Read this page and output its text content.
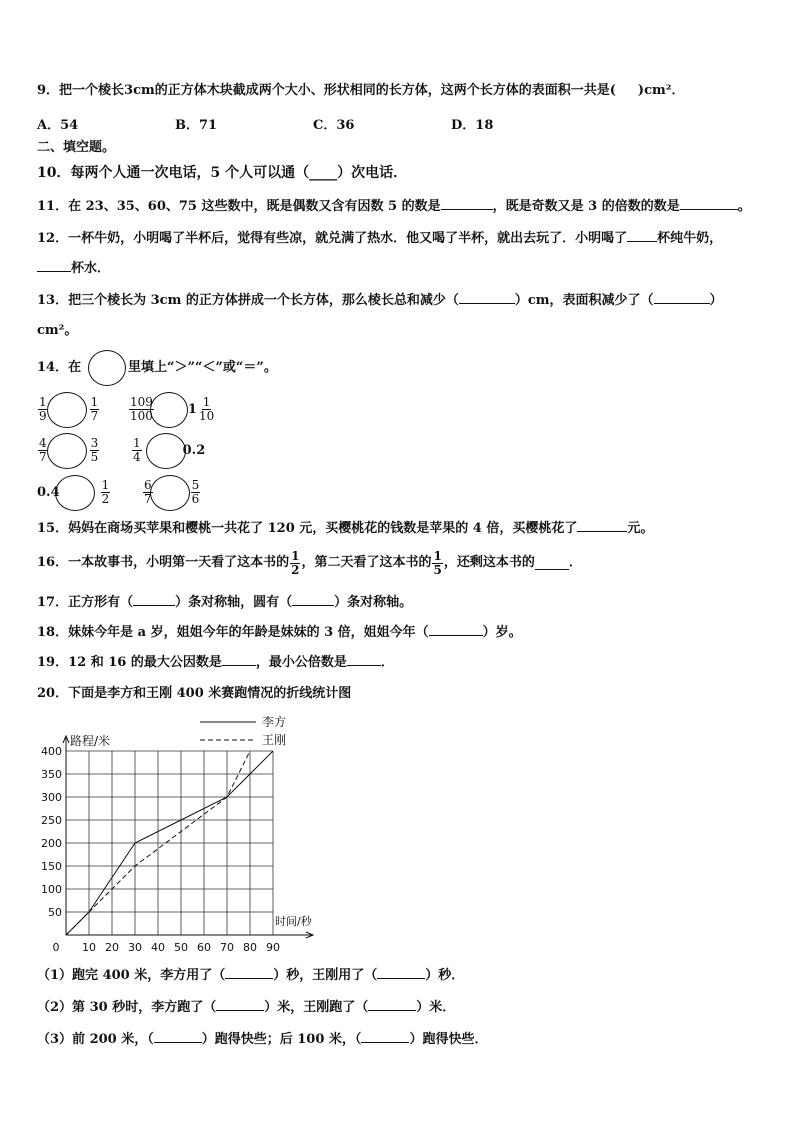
9．把一个棱长3cm的正方体木块截成两个大小、形状相同的长方体，这两个长方体的表面积一共是( )cm²．
A．54	B．71	C．36	D．18
二、填空题。
10．每两个人通一次电话，5 个人可以通（____）次电话．
11．在 23、35、60、75 这些数中，既是偶数又含有因数 5 的数是	，既是奇数又是 3 的倍数的数是	。
12．一杯牛奶，小明喝了半杯后，觉得有些凉，就兑满了热水．他又喝了半杯，就出去玩了．小明喝了 杯纯牛奶，
杯水．
13．把三个棱长为 3cm 的正方体拼成一个长方体，那么棱长总和减少（	）cm，表面积减少了（	）
cm²。
14．在	里填上“＞”“＜”或“＝”。
$\frac{1}{9}$	$\frac{1}{7} \frac{109}{100}$	$1 \frac{1}{10}$
$\frac{4}{7}$	$\frac{3}{5}$	$\frac{1}{4}$	0.2
0.4	$\frac{1}{2}$	$\frac{6}{7}$	$\frac{5}{6}$
15．妈妈在商场买苹果和樱桃一共花了 120 元，买樱桃花的钱数是苹果的 4 倍，买樱桃花了	元。
16．一本故事书，小明第一天看了这本书的 $\frac{1}{2}$ ，第二天看了这本书的 $\frac{1}{5}$ ，还剩这本书的	．
17．正方形有（	）条对称轴，圆有（	）条对称轴。
18．妹妹今年是 a 岁，姐姐今年的年龄是妹妹的 3 倍，姐姐今年（	）岁。
19．12 和 16 的最大公因数是	，最小公倍数是	．
20．下面是李方和王刚 400 米赛跑情况的折线统计图
10 20 30 40 50 60 70 80 90
50
100
150
200
250
300
350
400
0
路程/米
时间/秒
李方
王刚
（1）跑完 400 米，李方用了（	）秒，王刚用了（	）秒．
（2）第 30 秒时，李方跑了（	）米，王刚跑了（	）米．
（3）前 200 米，（	）跑得快些；后 100 米，（	）跑得快些．
